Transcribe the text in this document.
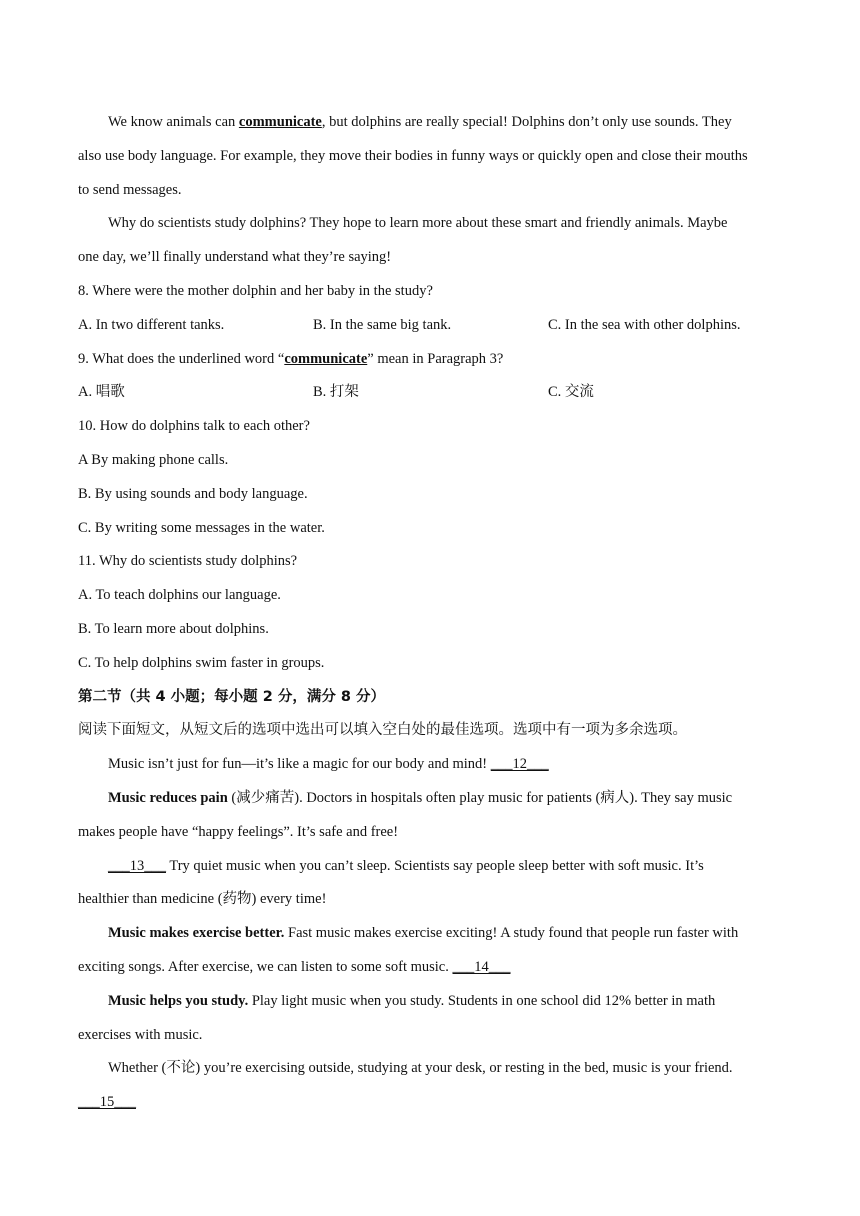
We know animals can communicate, but dolphins are really special! Dolphins don’t only use sounds. They

also use body language. For example, they move their bodies in funny ways or quickly open and close their mouths

to send messages.

Why do scientists study dolphins? They hope to learn more about these smart and friendly animals. Maybe

one day, we’ll finally understand what they’re saying!

8. Where were the mother dolphin and her baby in the study?

A. In two different tanks.	B. In the same big tank.	C. In the sea with other dolphins.

9. What does the underlined word “communicate” mean in Paragraph 3?

A. 唱歌	B. 打架	C. 交流

10. How do dolphins talk to each other?

A By making phone calls.

B. By using sounds and body language.

C. By writing some messages in the water.

11. Why do scientists study dolphins?

A. To teach dolphins our language.

B. To learn more about dolphins.

C. To help dolphins swim faster in groups.

第二节（共 4 小题；每小题 2 分，满分 8 分）

阅读下面短文，从短文后的选项中选出可以填入空白处的最佳选项。选项中有一项为多余选项。

Music isn’t just for fun—it’s like a magic for our body and mind! ___12___

Music reduces pain (减少痛苦). Doctors in hospitals often play music for patients (病人). They say music

makes people have “happy feelings”. It’s safe and free!

___13___ Try quiet music when you can’t sleep. Scientists say people sleep better with soft music. It’s

healthier than medicine (药物) every time!

Music makes exercise better. Fast music makes exercise exciting! A study found that people run faster with

exciting songs. After exercise, we can listen to some soft music. ___14___

Music helps you study. Play light music when you study. Students in one school did 12% better in math

exercises with music.

Whether (不论) you’re exercising outside, studying at your desk, or resting in the bed, music is your friend.

___15___
